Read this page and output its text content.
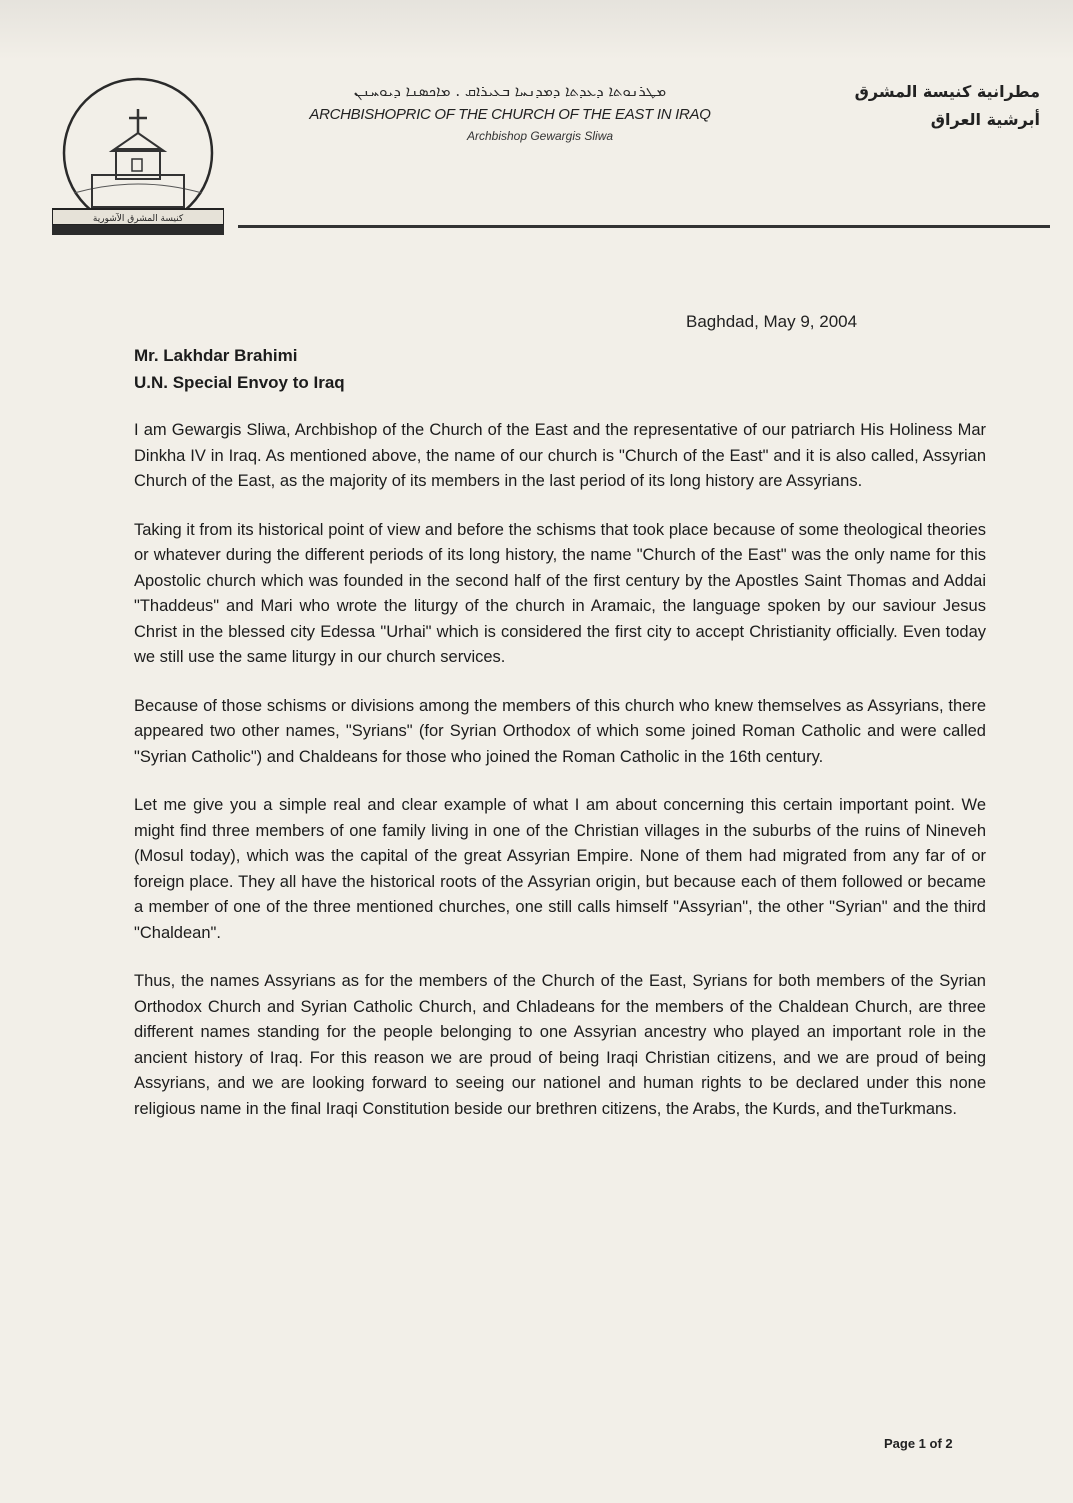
كنيسة المشرق الآشورية
ܡܛܪܢܘܬܐ ܕܥܕܬܐ ܕܡܕܢܚܐ ܒܥܝܪܐܩ . ܡܐܟܣܢܐ ܕܝܘܚܢܢ
ARCHBISHOPRIC OF THE CHURCH OF THE EAST IN IRAQ
Archbishop Gewargis Sliwa
مطرانية كنيسة المشرق
أبرشية العراق
Baghdad, May 9, 2004
Mr. Lakhdar Brahimi
U.N. Special Envoy to Iraq

I am Gewargis Sliwa, Archbishop of the Church of the East and the representative of our patriarch His Holiness Mar Dinkha IV in Iraq. As mentioned above, the name of our church is "Church of the East" and it is also called, Assyrian Church of the East, as the majority of its members in the last period of its long history are Assyrians.

Taking it from its historical point of view and before the schisms that took place because of some theological theories or whatever during the different periods of its long history, the name "Church of the East" was the only name for this Apostolic church which was founded in the second half of the first century by the Apostles Saint Thomas and Addai "Thaddeus" and Mari who wrote the liturgy of the church in Aramaic, the language spoken by our saviour Jesus Christ in the blessed city Edessa "Urhai" which is considered the first city to accept Christianity officially. Even today we still use the same liturgy in our church services.

Because of those schisms or divisions among the members of this church who knew themselves as Assyrians, there appeared two other names, "Syrians" (for Syrian Orthodox of which some joined Roman Catholic and were called "Syrian Catholic") and Chaldeans for those who joined the Roman Catholic in the 16th century.

Let me give you a simple real and clear example of what I am about concerning this certain important point. We might find three members of one family living in one of the Christian villages in the suburbs of the ruins of Nineveh (Mosul today), which was the capital of the great Assyrian Empire. None of them had migrated from any far of or foreign place. They all have the historical roots of the Assyrian origin, but because each of them followed or became a member of one of the three mentioned churches, one still calls himself "Assyrian", the other "Syrian" and the third "Chaldean".

Thus, the names Assyrians as for the members of the Church of the East, Syrians for both members of the Syrian Orthodox Church and Syrian Catholic Church, and Chladeans for the members of the Chaldean Church, are three different names standing for the people belonging to one Assyrian ancestry who played an important role in the ancient history of Iraq. For this reason we are proud of being Iraqi Christian citizens, and we are proud of being Assyrians, and we are looking forward to seeing our nationel and human rights to be declared under this none religious name in the final Iraqi Constitution beside our brethren citizens, the Arabs, the Kurds, and theTurkmans.

Page 1 of 2
